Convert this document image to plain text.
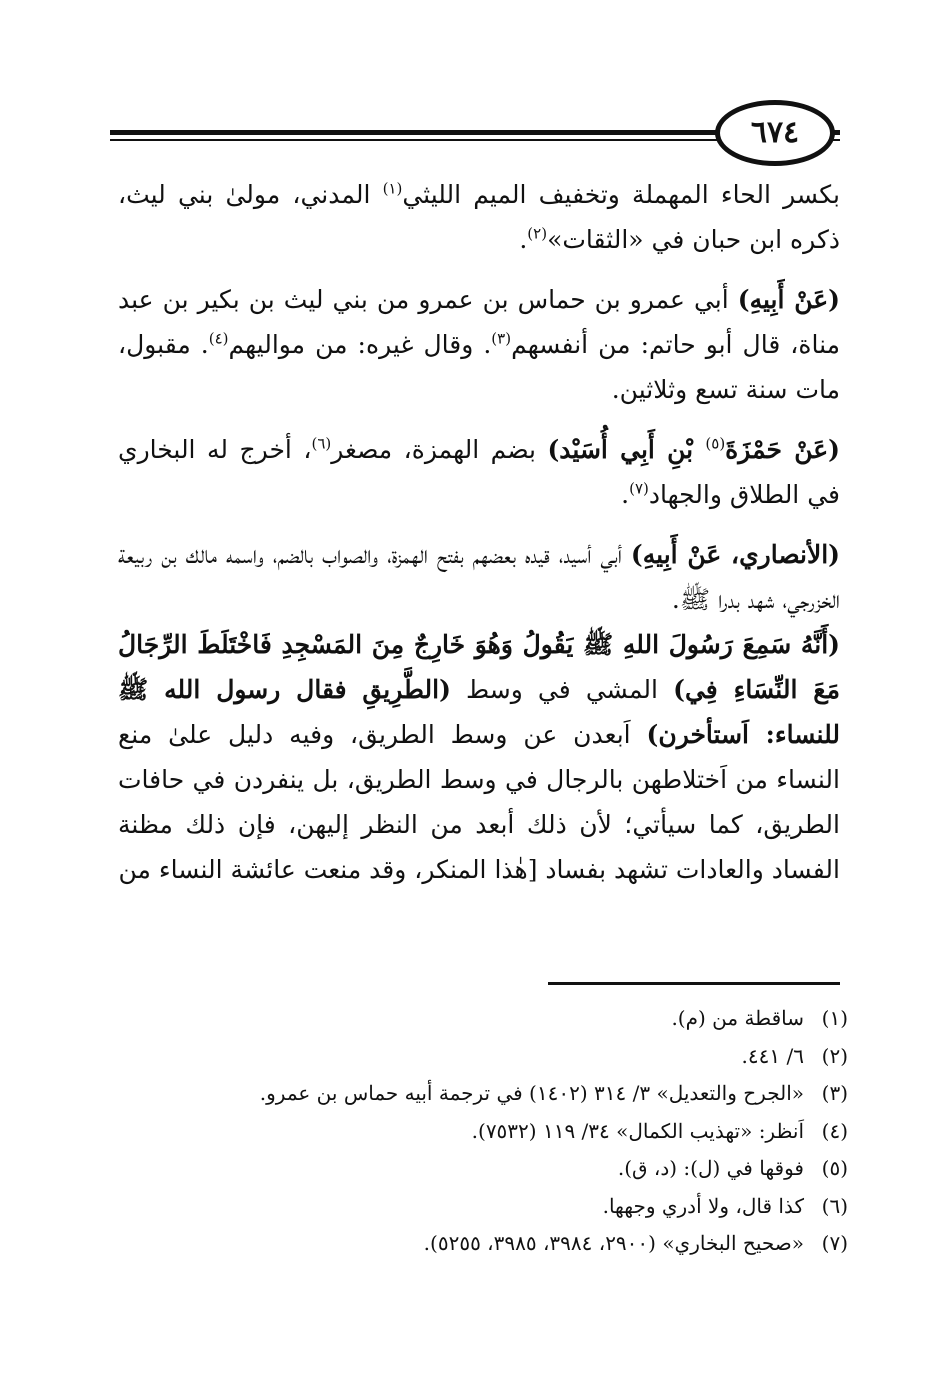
٦٧٤

بكسر الحاء المهملة وتخفيف الميم الليثي$^{(١)}$ المدني، مولىٰ بني ليث، ذكره ابن حبان في «الثقات»$^{(٢)}$.

(عَنْ أَبِيهِ) أبي عمرو بن حماس بن عمرو من بني ليث بن بكير بن عبد مناة، قال أبو حاتم: من أنفسهم$^{(٣)}$. وقال غيره: من مواليهم$^{(٤)}$. مقبول، مات سنة تسع وثلاثين.

(عَنْ حَمْزَةَ$^{(٥)}$ بْنِ أَبِي أُسَيْد) بضم الهمزة، مصغر$^{(٦)}$، أخرج له البخاري في الطلاق والجهاد$^{(٧)}$.

(الأنصاري، عَنْ أَبِيهِ) أبي أسيد، قيده بعضهم بفتح الهمزة، والصواب بالضم، واسمه مالك بن ربيعة الخزرجي، شهد بدرا ﷺ.

(أَنَّهُ سَمِعَ رَسُولَ اللهِ ﷺ يَقُولُ وَهُوَ خَارِجٌ مِنَ المَسْجِدِ فَاخْتَلَطَ الرِّجَالُ مَعَ النِّسَاءِ فِي) المشي في وسط (الطَّرِيقِ فقال رسول الله ﷺ للنساء: اَستأخرن) اَبعدن عن وسط الطريق، وفيه دليل علىٰ منع النساء من اَختلاطهن بالرجال في وسط الطريق، بل ينفردن في حافات الطريق، كما سيأتي؛ لأن ذلك أبعد من النظر إليهن، فإن ذلك مظنة الفساد والعادات تشهد بفساد [هٰذا المنكر، وقد منعت عائشة النساء من

(١)
ساقطة من (م).
(٢)
٦/ ٤٤١.
(٣)
«الجرح والتعديل» ٣/ ٣١٤ (١٤٠٢) في ترجمة أبيه حماس بن عمرو.
(٤)
اَنظر: «تهذيب الكمال» ٣٤/ ١١٩ (٧٥٣٢).
(٥)
فوقها في (ل): (د، ق).
(٦)
كذا قال، ولا أدري وجهها.
(٧)
«صحيح البخاري» (٢٩٠٠، ٣٩٨٤، ٣٩٨٥، ٥٢٥٥).
